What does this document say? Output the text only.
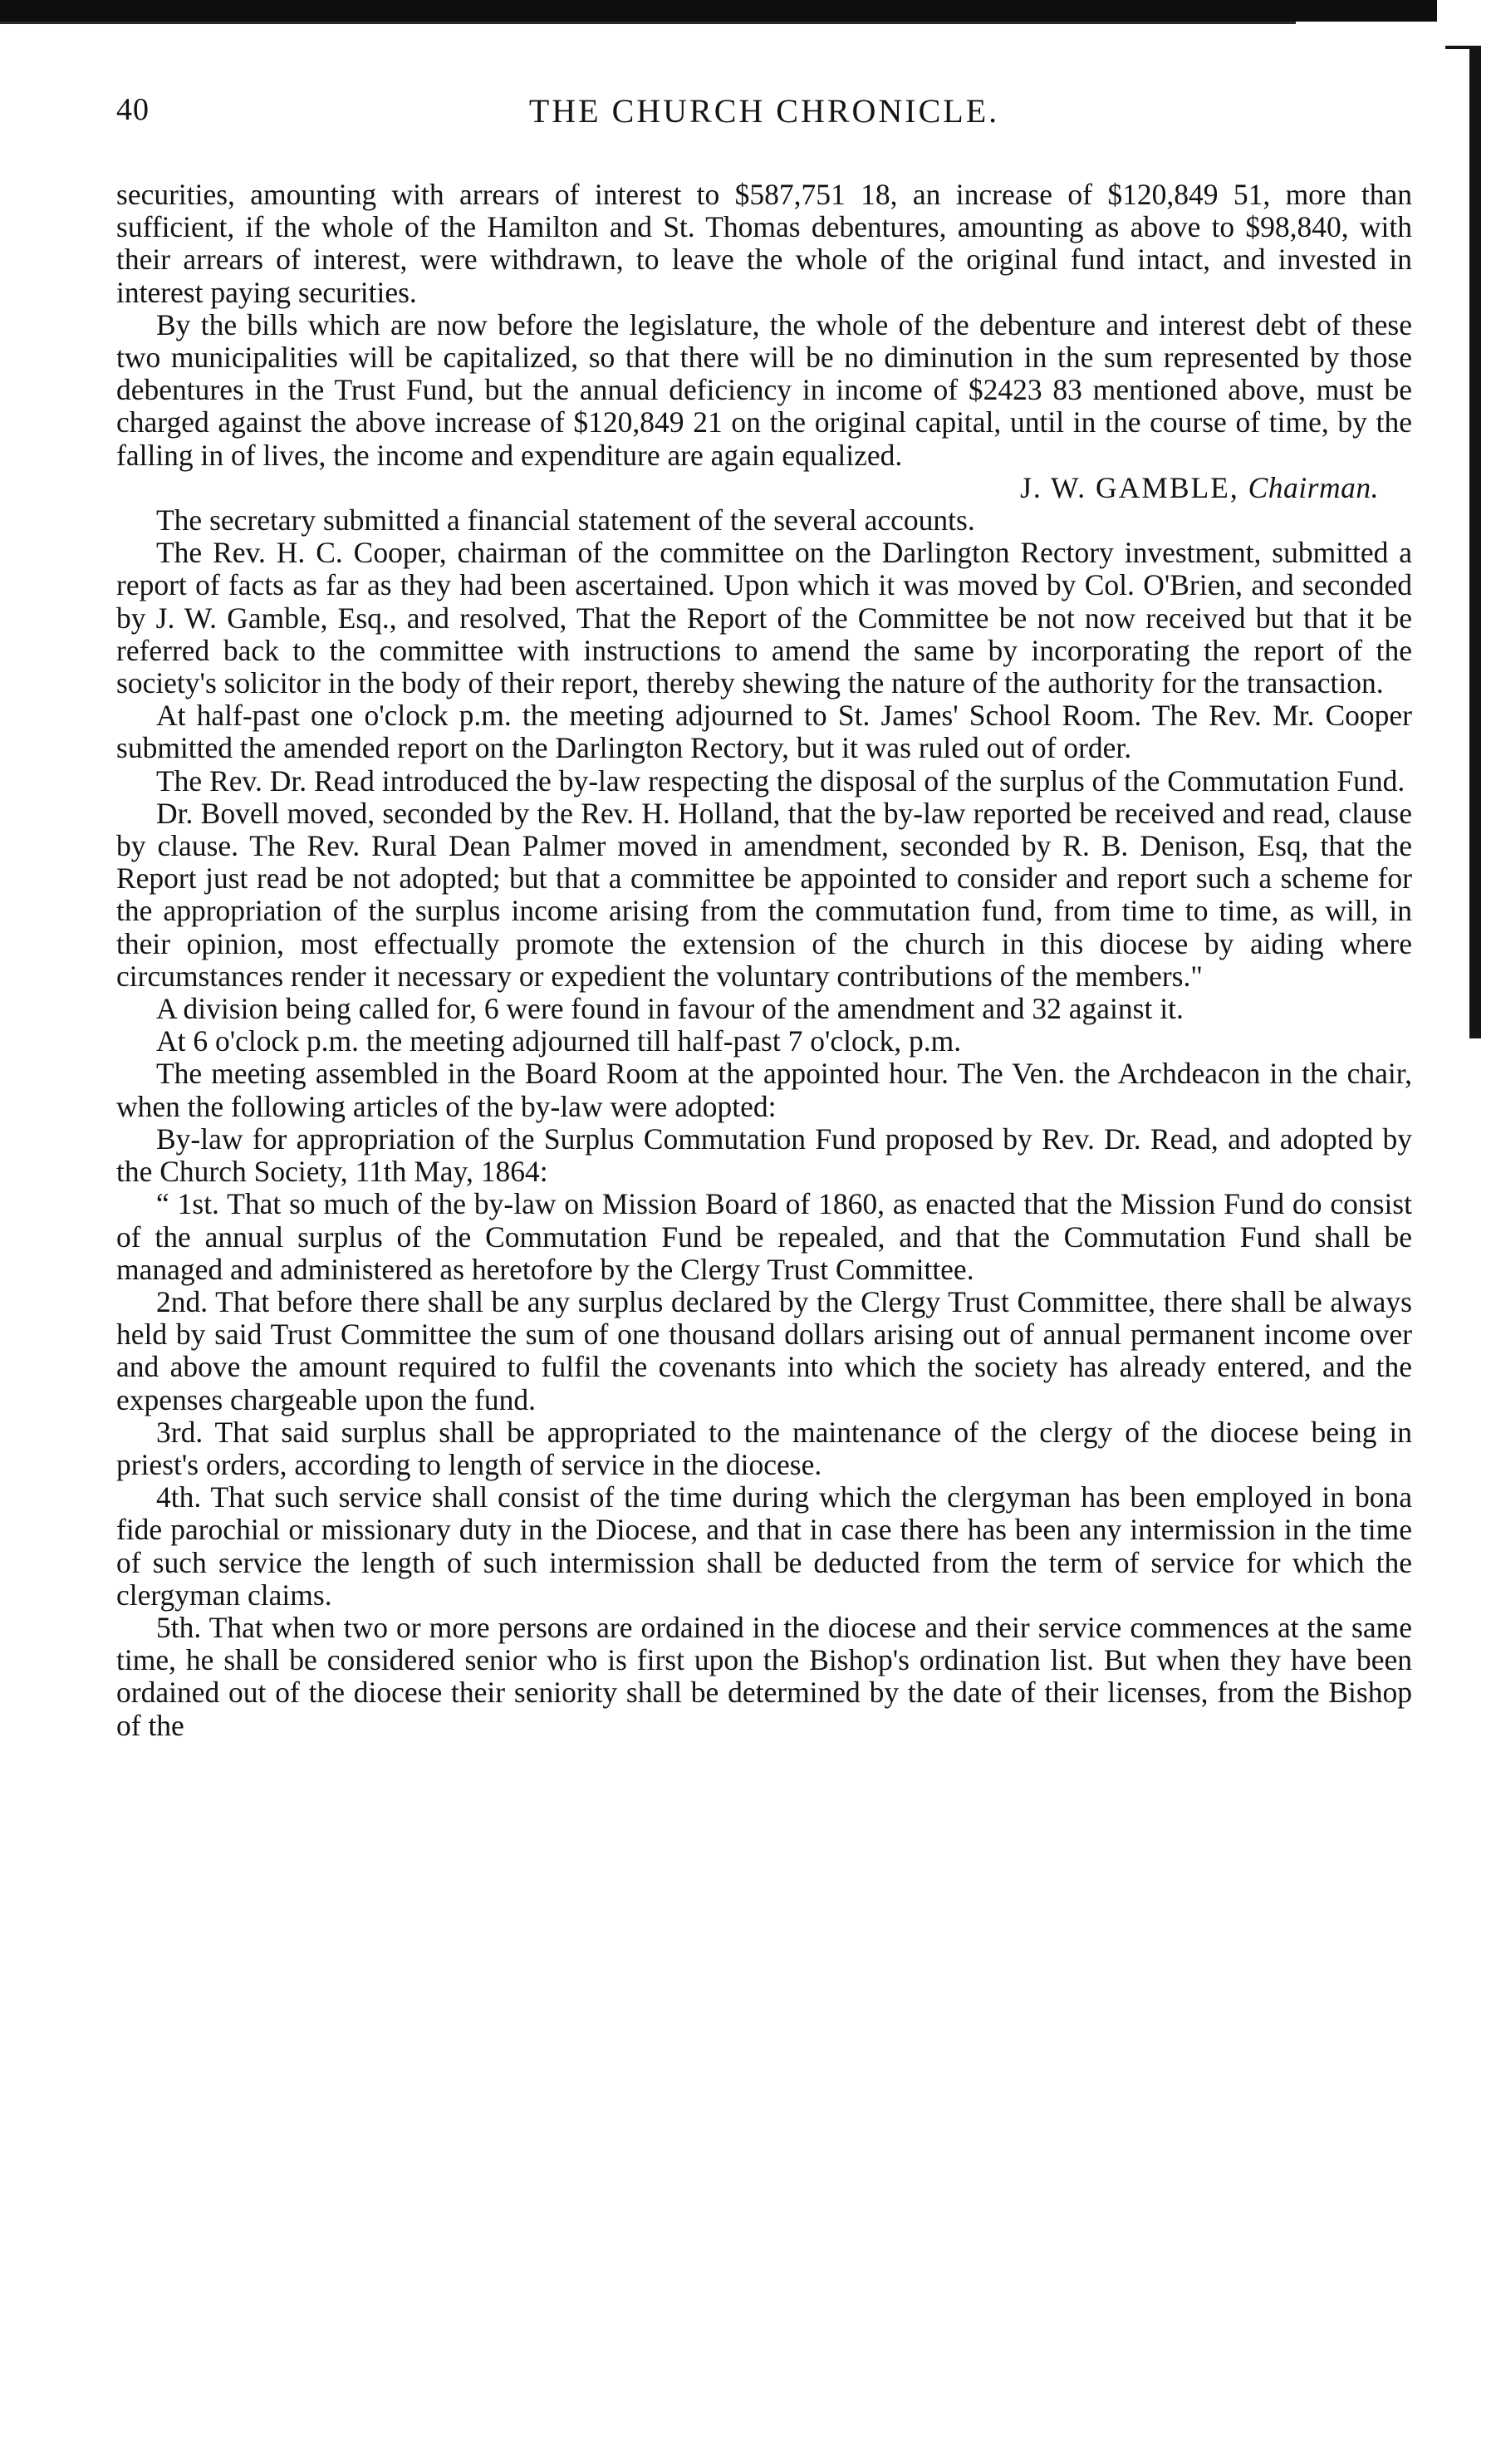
40	THE CHURCH CHRONICLE.

securities, amounting with arrears of interest to $587,751 18, an increase of $120,849 51, more than sufficient, if the whole of the Hamilton and St. Thomas debentures, amounting as above to $98,840, with their arrears of interest, were withdrawn, to leave the whole of the original fund intact, and invested in interest paying securities.

By the bills which are now before the legislature, the whole of the debenture and interest debt of these two municipalities will be capitalized, so that there will be no diminution in the sum represented by those debentures in the Trust Fund, but the annual deficiency in income of $2423 83 mentioned above, must be charged against the above increase of $120,849 21 on the original capital, until in the course of time, by the falling in of lives, the income and expenditure are again equalized.

J. W. GAMBLE, Chairman.

The secretary submitted a financial statement of the several accounts.

The Rev. H. C. Cooper, chairman of the committee on the Darlington Rectory investment, submitted a report of facts as far as they had been ascertained. Upon which it was moved by Col. O'Brien, and seconded by J. W. Gamble, Esq., and resolved, That the Report of the Committee be not now received but that it be referred back to the committee with instructions to amend the same by incorporating the report of the society's solicitor in the body of their report, thereby shewing the nature of the authority for the transaction.

At half-past one o'clock p.m. the meeting adjourned to St. James' School Room. The Rev. Mr. Cooper submitted the amended report on the Darlington Rectory, but it was ruled out of order.

The Rev. Dr. Read introduced the by-law respecting the disposal of the surplus of the Commutation Fund.

Dr. Bovell moved, seconded by the Rev. H. Holland, that the by-law reported be received and read, clause by clause. The Rev. Rural Dean Palmer moved in amendment, seconded by R. B. Denison, Esq, that the Report just read be not adopted; but that a committee be appointed to consider and report such a scheme for the appropriation of the surplus income arising from the commutation fund, from time to time, as will, in their opinion, most effectually promote the extension of the church in this diocese by aiding where circumstances render it necessary or expedient the voluntary contributions of the members."

A division being called for, 6 were found in favour of the amendment and 32 against it.

At 6 o'clock p.m. the meeting adjourned till half-past 7 o'clock, p.m.

The meeting assembled in the Board Room at the appointed hour. The Ven. the Archdeacon in the chair, when the following articles of the by-law were adopted:

By-law for appropriation of the Surplus Commutation Fund proposed by Rev. Dr. Read, and adopted by the Church Society, 11th May, 1864:

“ 1st. That so much of the by-law on Mission Board of 1860, as enacted that the Mission Fund do consist of the annual surplus of the Commutation Fund be repealed, and that the Commutation Fund shall be managed and administered as heretofore by the Clergy Trust Committee.

2nd. That before there shall be any surplus declared by the Clergy Trust Committee, there shall be always held by said Trust Committee the sum of one thousand dollars arising out of annual permanent income over and above the amount required to fulfil the covenants into which the society has already entered, and the expenses chargeable upon the fund.

3rd. That said surplus shall be appropriated to the maintenance of the clergy of the diocese being in priest's orders, according to length of service in the diocese.

4th. That such service shall consist of the time during which the clergyman has been employed in bona fide parochial or missionary duty in the Diocese, and that in case there has been any intermission in the time of such service the length of such intermission shall be deducted from the term of service for which the clergyman claims.

5th. That when two or more persons are ordained in the diocese and their service commences at the same time, he shall be considered senior who is first upon the Bishop's ordination list. But when they have been ordained out of the diocese their seniority shall be determined by the date of their licenses, from the Bishop of the
